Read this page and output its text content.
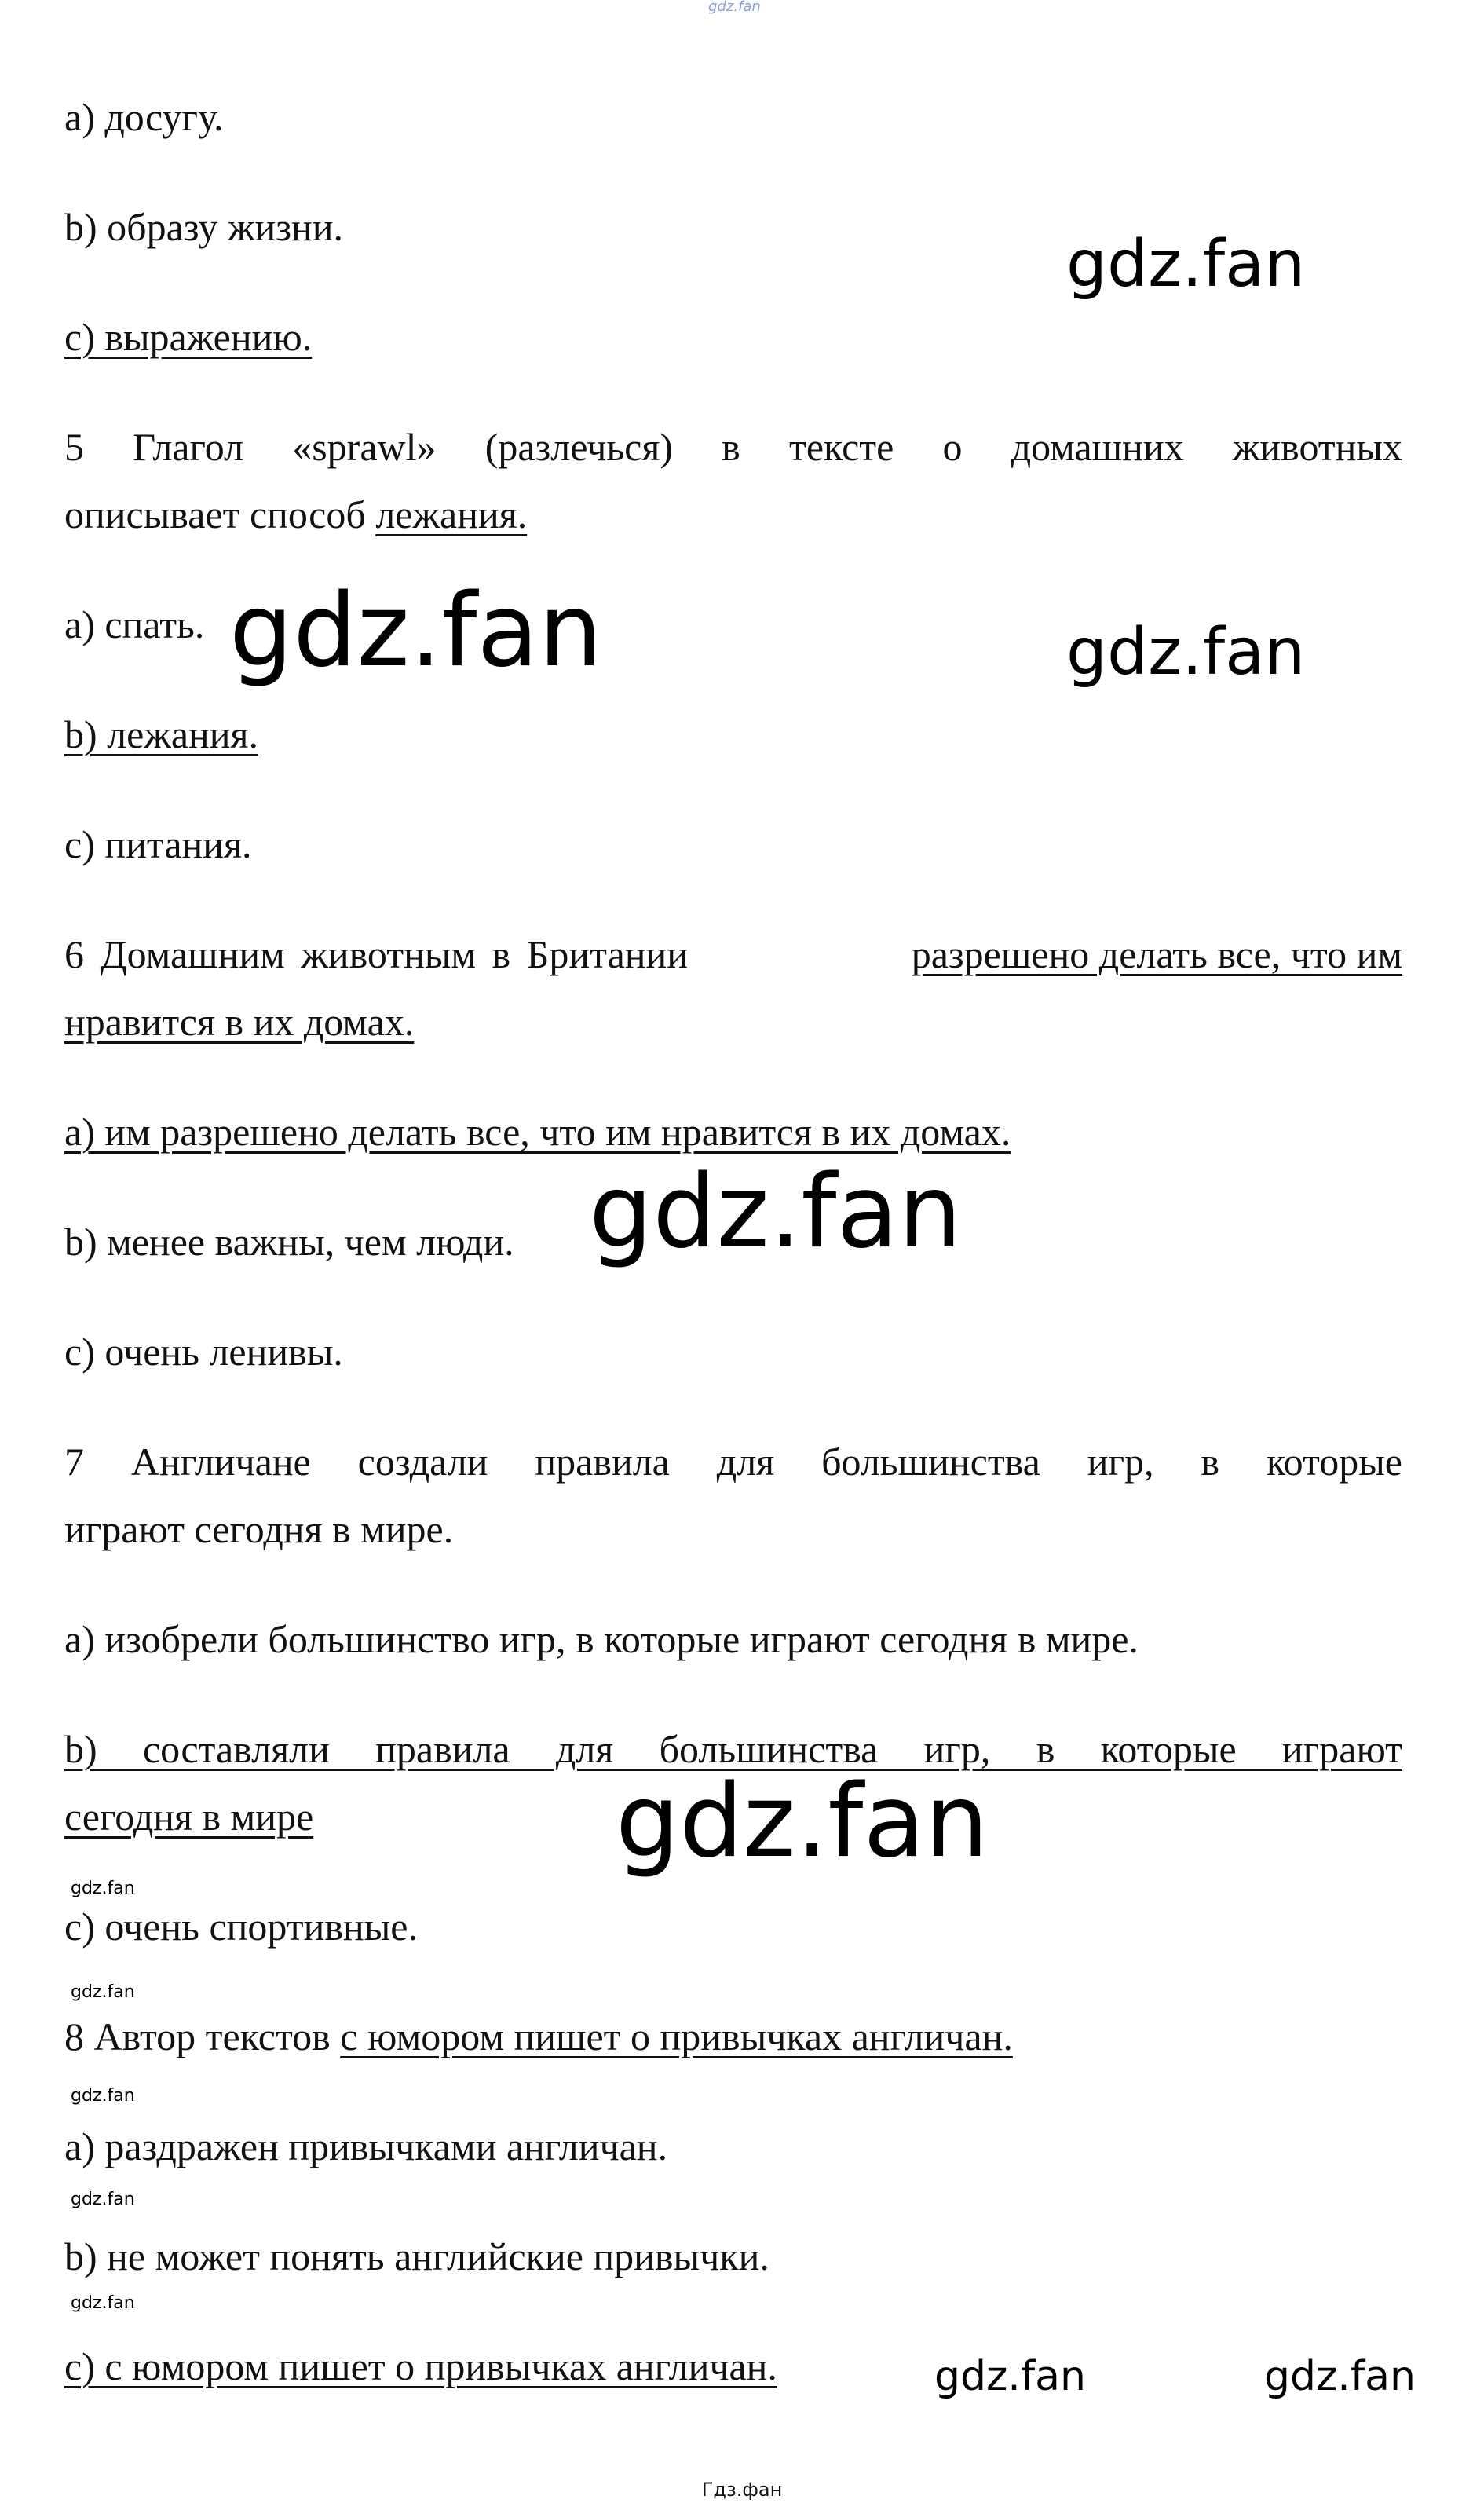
gdz.fan
a) досугу.
b) образу жизни.
c) выражению.
5 Глагол «sprawl» (разлечься) в тексте о домашних животных
описывает способ лежания.
a) спать.
b) лежания.
c) питания.
6 Домашним животным в Британии	разрешено делать все, что им
нравится в их домах.
a) им разрешено делать все, что им нравится в их домах.
b) менее важны, чем люди.
c) очень ленивы.
7 Англичане создали правила для большинства игр, в которые
играют сегодня в мире.
a) изобрели большинство игр, в которые играют сегодня в мире.
b) составляли правила для большинства игр, в которые играют
сегодня в мире
c) очень спортивные.
8 Автор текстов с юмором пишет о привычках англичан.
a) раздражен привычками англичан.
b) не может понять английские привычки.
c) с юмором пишет о привычках англичан.
gdz.fan
gdz.fan	gdz.fan
gdz.fan
gdz.fan
gdz.fan
gdz.fan
gdz.fan
gdz.fan
gdz.fan
gdz.fan	gdz.fan
Гдз.фан
